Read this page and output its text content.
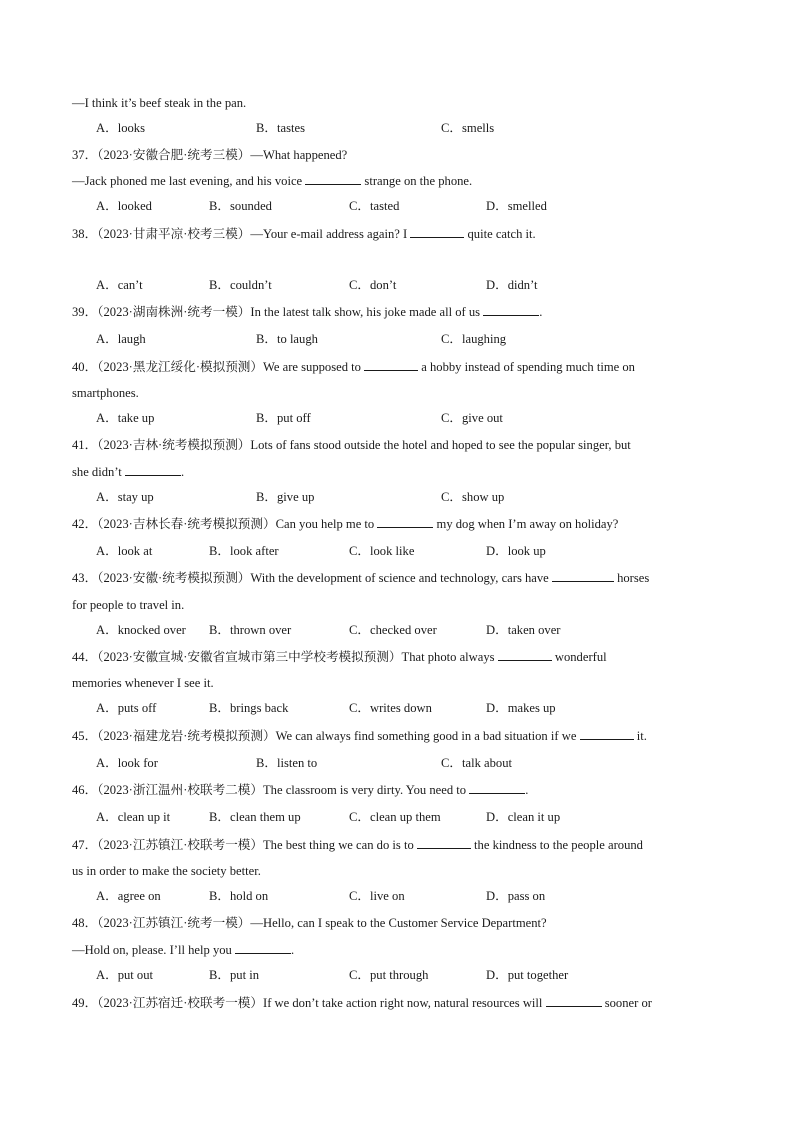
—I think it’s beef steak in the pan.
37．（2023·安徽合肥·统考三模）—What happened?
—Jack phoned me last evening, and his voice	strange on the phone.
38．（2023·甘肃平凉·校考三模）—Your e-mail address again? I	quite catch it.
39．（2023·湖南株洲·统考一模）In the latest talk show, his joke made all of us	.
40．（2023·黑龙江绥化·模拟预测）We are supposed to	a hobby instead of spending much time on
smartphones.
41．（2023·吉林·统考模拟预测）Lots of fans stood outside the hotel and hoped to see the popular singer, but
she didn’t	.
42．（2023·吉林长春·统考模拟预测）Can you help me to	my dog when I’m away on holiday?
43．（2023·安徽·统考模拟预测）With the development of science and technology, cars have	horses
for people to travel in.
44．（2023·安徽宣城·安徽省宣城市第三中学校考模拟预测）That photo always	wonderful
memories whenever I see it.
45．（2023·福建龙岩·统考模拟预测）We can always find something good in a bad situation if we	it.
46．（2023·浙江温州·校联考二模）The classroom is very dirty. You need to	.
47．（2023·江苏镇江·校联考一模）The best thing we can do is to	the kindness to the people around
us in order to make the society better.
48．（2023·江苏镇江·统考一模）—Hello, can I speak to the Customer Service Department?
—Hold on, please. I’ll help you	.
49．（2023·江苏宿迁·校联考一模）If we don’t take action right now, natural resources will	sooner or
A．looks	B．tastes	C．smells
A．looked	B．sounded	C．tasted	D．smelled
A．can’t	B．couldn’t	C．don’t	D．didn’t
A．laugh	B．to laugh	C．laughing
A．take up	B．put off	C．give out
A．stay up	B．give up	C．show up
A．look at	B．look after	C．look like	D．look up
A．knocked over B．thrown over	C．checked over	D．taken over
A．puts off	B．brings back	C．writes down	D．makes up
A．look for	B．listen to	C．talk about
A．clean up it	B．clean them up	C．clean up them	D．clean it up
A．agree on	B．hold on	C．live on	D．pass on
A．put out	B．put in	C．put through	D．put together
